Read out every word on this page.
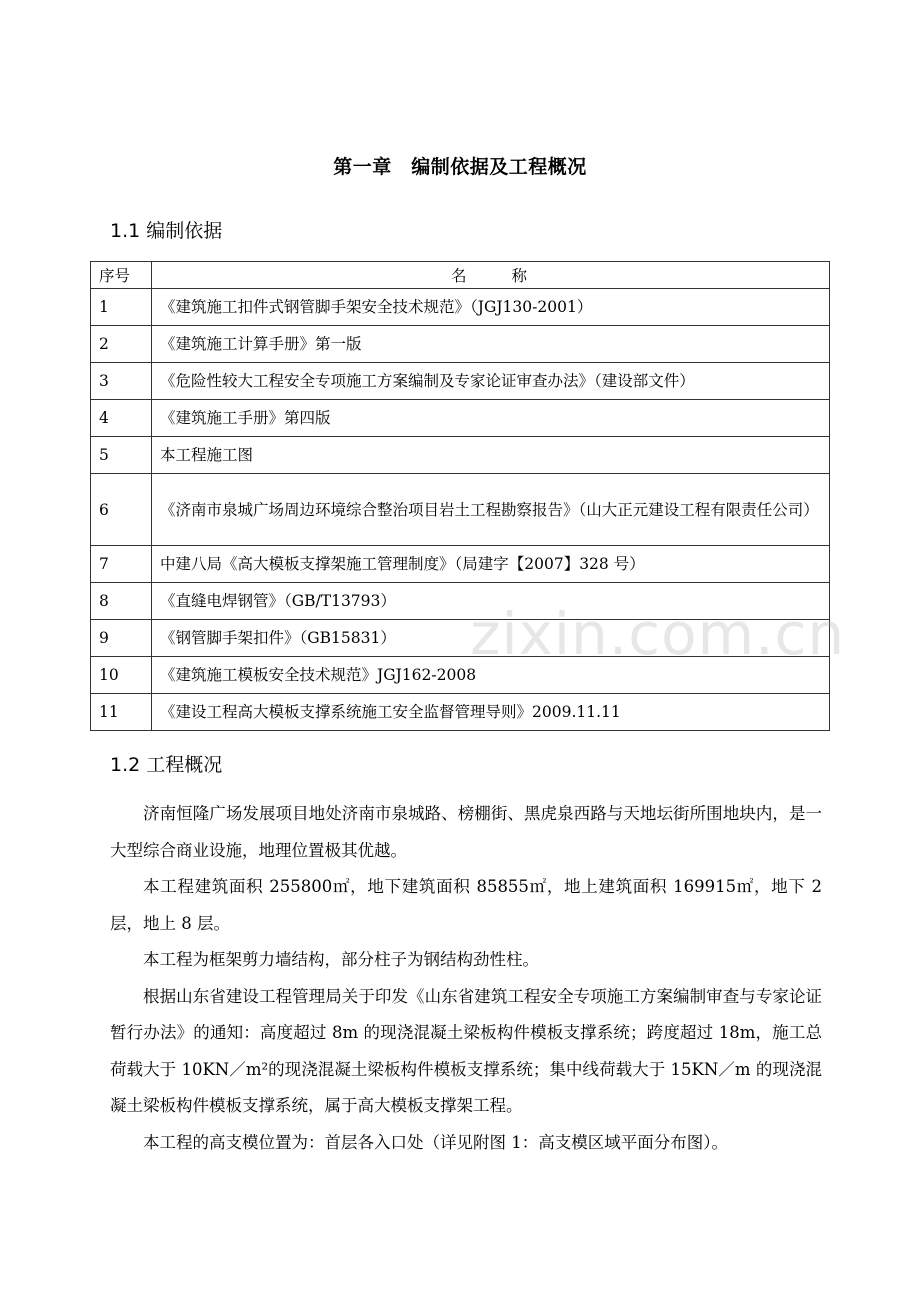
第一章　编制依据及工程概况
1.1 编制依据
序号	名 称
1	《建筑施工扣件式钢管脚手架安全技术规范》（JGJ130-2001）
2	《建筑施工计算手册》第一版
3	《危险性较大工程安全专项施工方案编制及专家论证审查办法》（建设部文件）
4	《建筑施工手册》第四版
5	本工程施工图
6	《济南市泉城广场周边环境综合整治项目岩土工程勘察报告》（山大正元建设工程有限责任公司）
7	中建八局《高大模板支撑架施工管理制度》（局建字【2007】328 号）
8	《直缝电焊钢管》（GB/T13793）
9	《钢管脚手架扣件》（GB15831）
10	《建筑施工模板安全技术规范》JGJ162-2008
11	《建设工程高大模板支撑系统施工安全监督管理导则》2009.11.11
1.2 工程概况

济南恒隆广场发展项目地处济南市泉城路、榜棚街、黑虎泉西路与天地坛街所围地块内，是一大型综合商业设施，地理位置极其优越。

本工程建筑面积 255800㎡，地下建筑面积 85855㎡，地上建筑面积 169915㎡，地下 2 层，地上 8 层。

本工程为框架剪力墙结构，部分柱子为钢结构劲性柱。

根据山东省建设工程管理局关于印发《山东省建筑工程安全专项施工方案编制审查与专家论证暂行办法》的通知：高度超过 8m 的现浇混凝土梁板构件模板支撑系统；跨度超过 18m，施工总荷载大于 10KN／m²的现浇混凝土梁板构件模板支撑系统；集中线荷载大于 15KN／m 的现浇混凝土梁板构件模板支撑系统，属于高大模板支撑架工程。

本工程的高支模位置为：首层各入口处（详见附图 1：高支模区域平面分布图）。

zixin.com.cn
